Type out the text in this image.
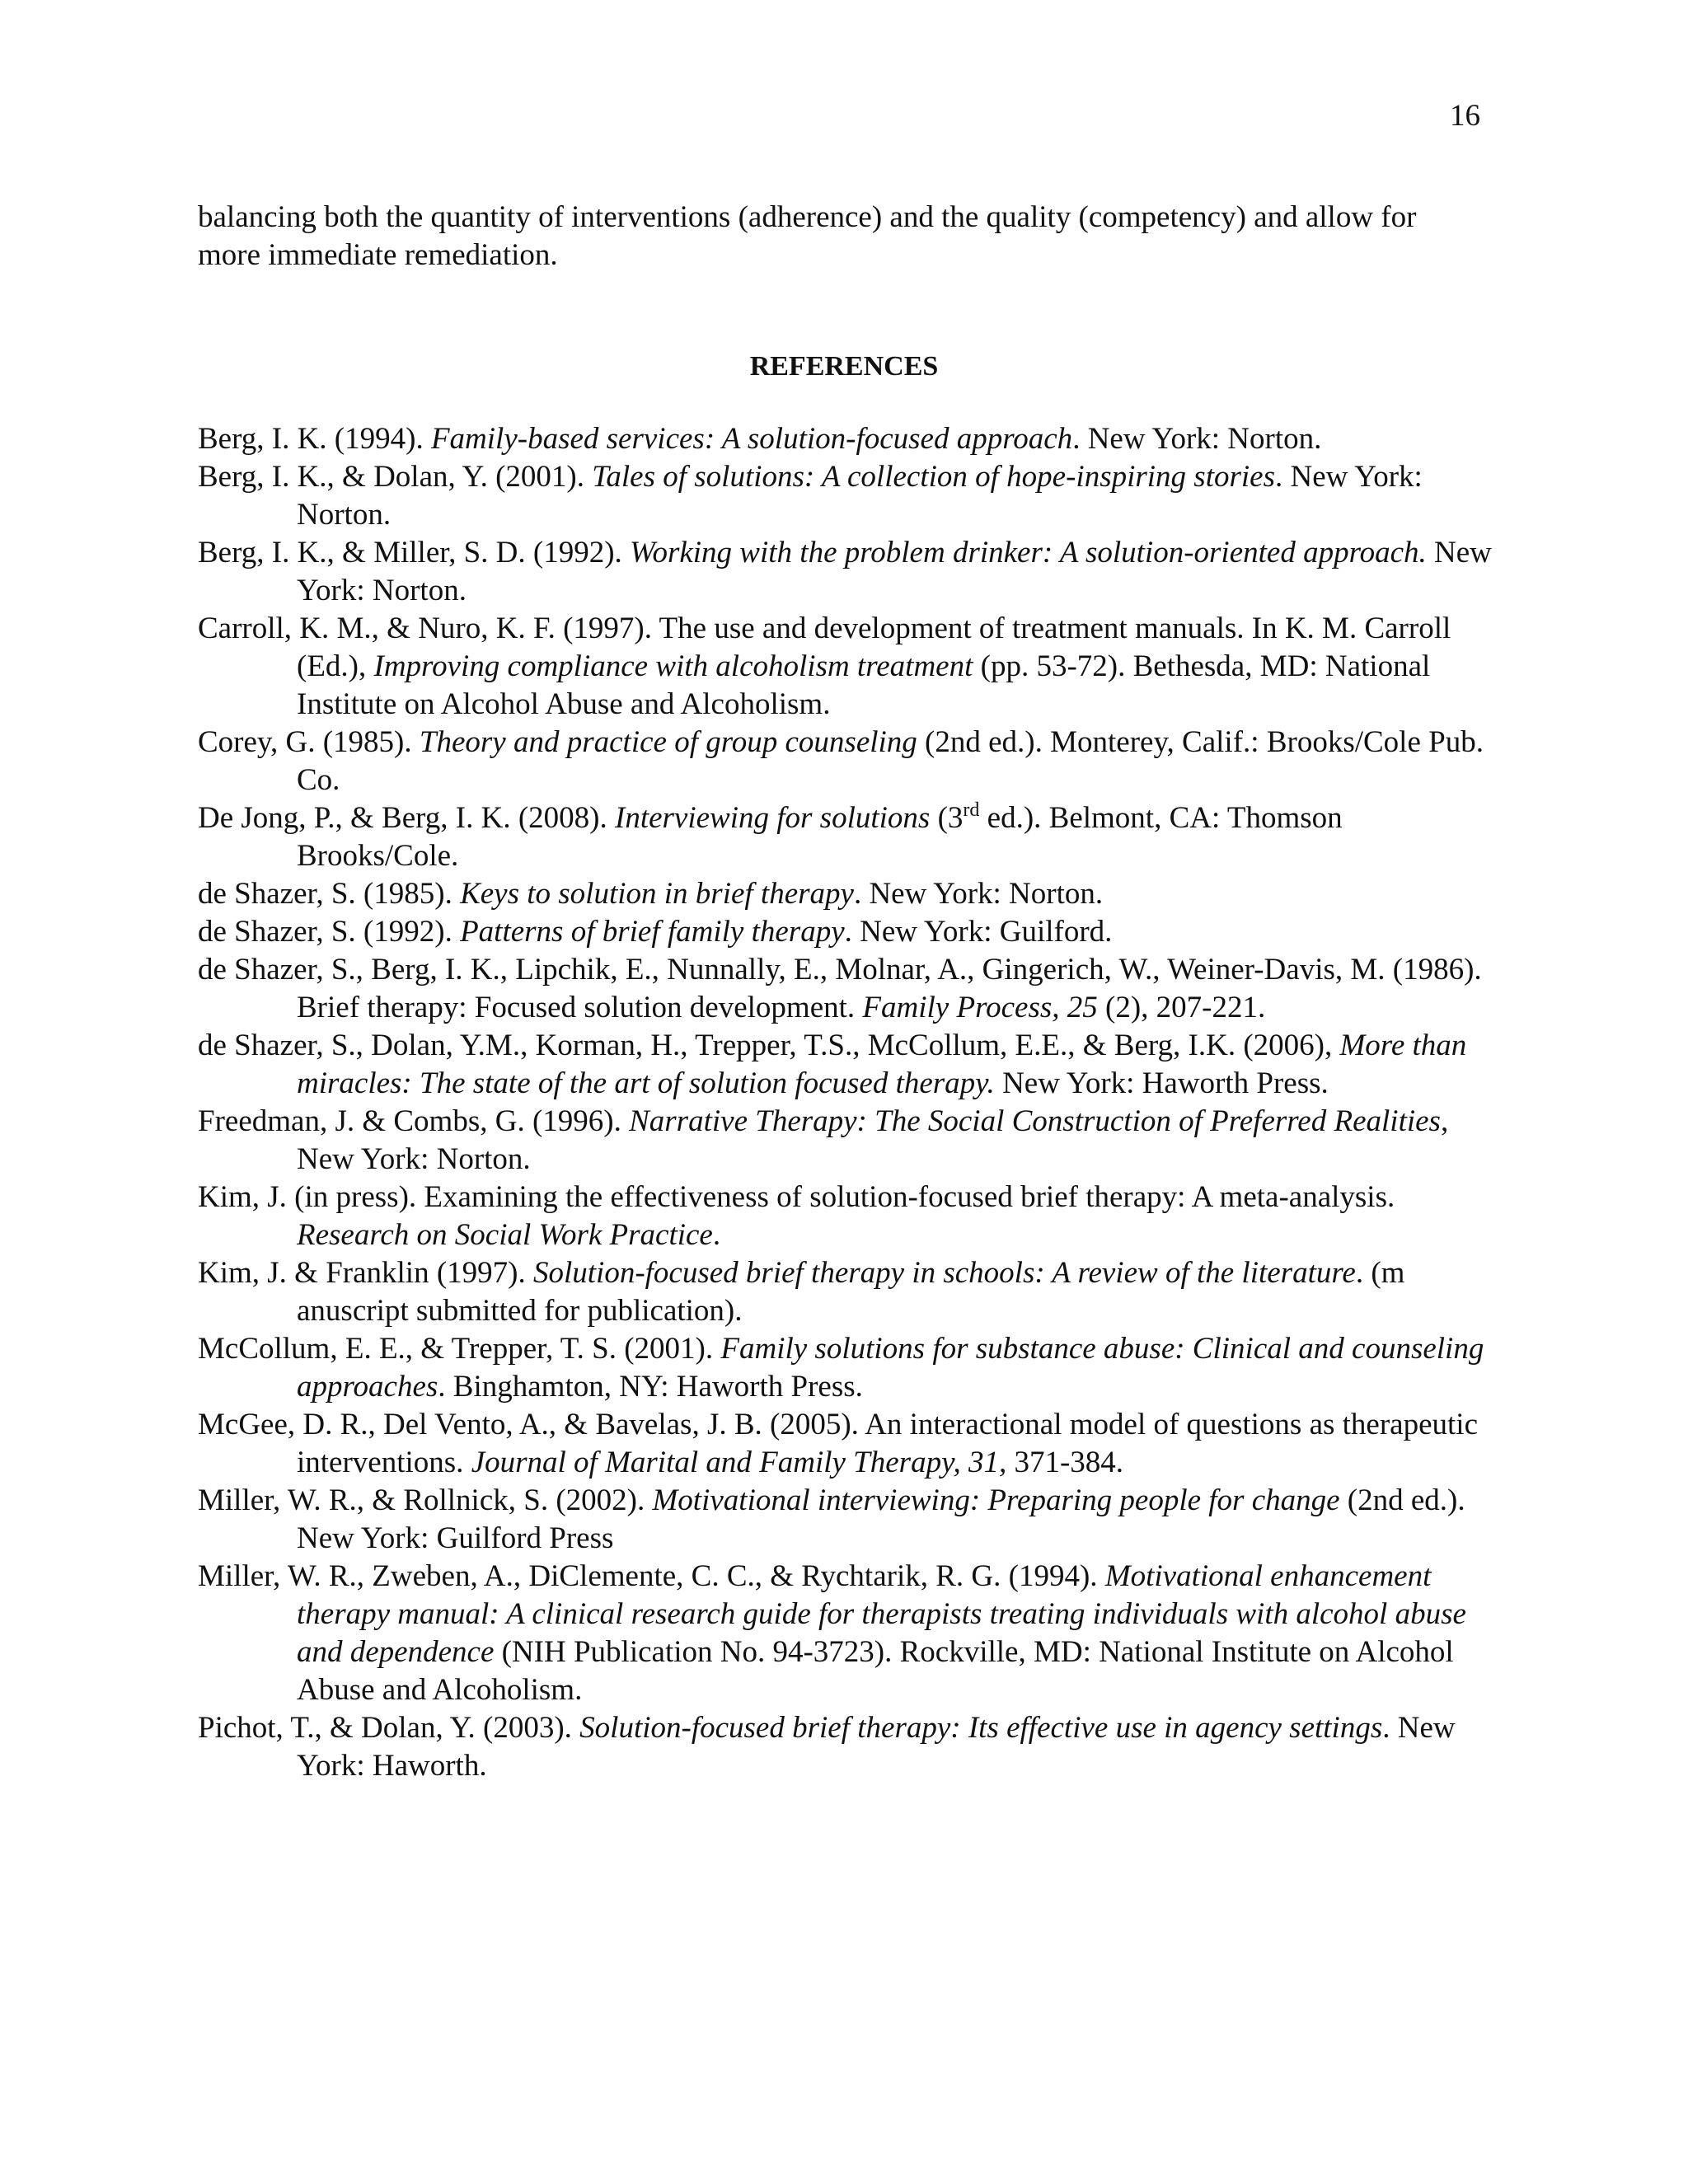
16
balancing both the quantity of interventions (adherence) and the quality (competency) and allow for more immediate remediation.
REFERENCES

Berg, I. K. (1994). Family-based services: A solution-focused approach. New York: Norton.

Berg, I. K., & Dolan, Y. (2001). Tales of solutions: A collection of hope-inspiring stories. New York: Norton.

Berg, I. K., & Miller, S. D. (1992). Working with the problem drinker: A solution-oriented approach. New York: Norton.

Carroll, K. M., & Nuro, K. F. (1997). The use and development of treatment manuals. In K. M. Carroll (Ed.), Improving compliance with alcoholism treatment (pp. 53-72). Bethesda, MD: National Institute on Alcohol Abuse and Alcoholism.

Corey, G. (1985). Theory and practice of group counseling (2nd ed.). Monterey, Calif.: Brooks/Cole Pub. Co.

De Jong, P., & Berg, I. K. (2008). Interviewing for solutions (3rd ed.). Belmont, CA: Thomson Brooks/Cole.

de Shazer, S. (1985). Keys to solution in brief therapy. New York: Norton.

de Shazer, S. (1992). Patterns of brief family therapy. New York: Guilford.

de Shazer, S., Berg, I. K., Lipchik, E., Nunnally, E., Molnar, A., Gingerich, W., Weiner-Davis, M. (1986). Brief therapy: Focused solution development. Family Process, 25 (2), 207-221.

de Shazer, S., Dolan, Y.M., Korman, H., Trepper, T.S., McCollum, E.E., & Berg, I.K. (2006), More than miracles: The state of the art of solution focused therapy. New York: Haworth Press.

Freedman, J. & Combs, G. (1996). Narrative Therapy: The Social Construction of Preferred Realities, New York: Norton.

Kim, J. (in press). Examining the effectiveness of solution-focused brief therapy: A meta-analysis. Research on Social Work Practice.

Kim, J. & Franklin (1997). Solution-focused brief therapy in schools: A review of the literature. (m anuscript submitted for publication).

McCollum, E. E., & Trepper, T. S. (2001). Family solutions for substance abuse: Clinical and counseling approaches. Binghamton, NY: Haworth Press.

McGee, D. R., Del Vento, A., & Bavelas, J. B. (2005). An interactional model of questions as therapeutic interventions. Journal of Marital and Family Therapy, 31, 371-384.

Miller, W. R., & Rollnick, S. (2002). Motivational interviewing: Preparing people for change (2nd ed.). New York: Guilford Press

Miller, W. R., Zweben, A., DiClemente, C. C., & Rychtarik, R. G. (1994). Motivational enhancement therapy manual: A clinical research guide for therapists treating individuals with alcohol abuse and dependence (NIH Publication No. 94-3723). Rockville, MD: National Institute on Alcohol Abuse and Alcoholism.

Pichot, T., & Dolan, Y. (2003). Solution-focused brief therapy: Its effective use in agency settings. New York: Haworth.
